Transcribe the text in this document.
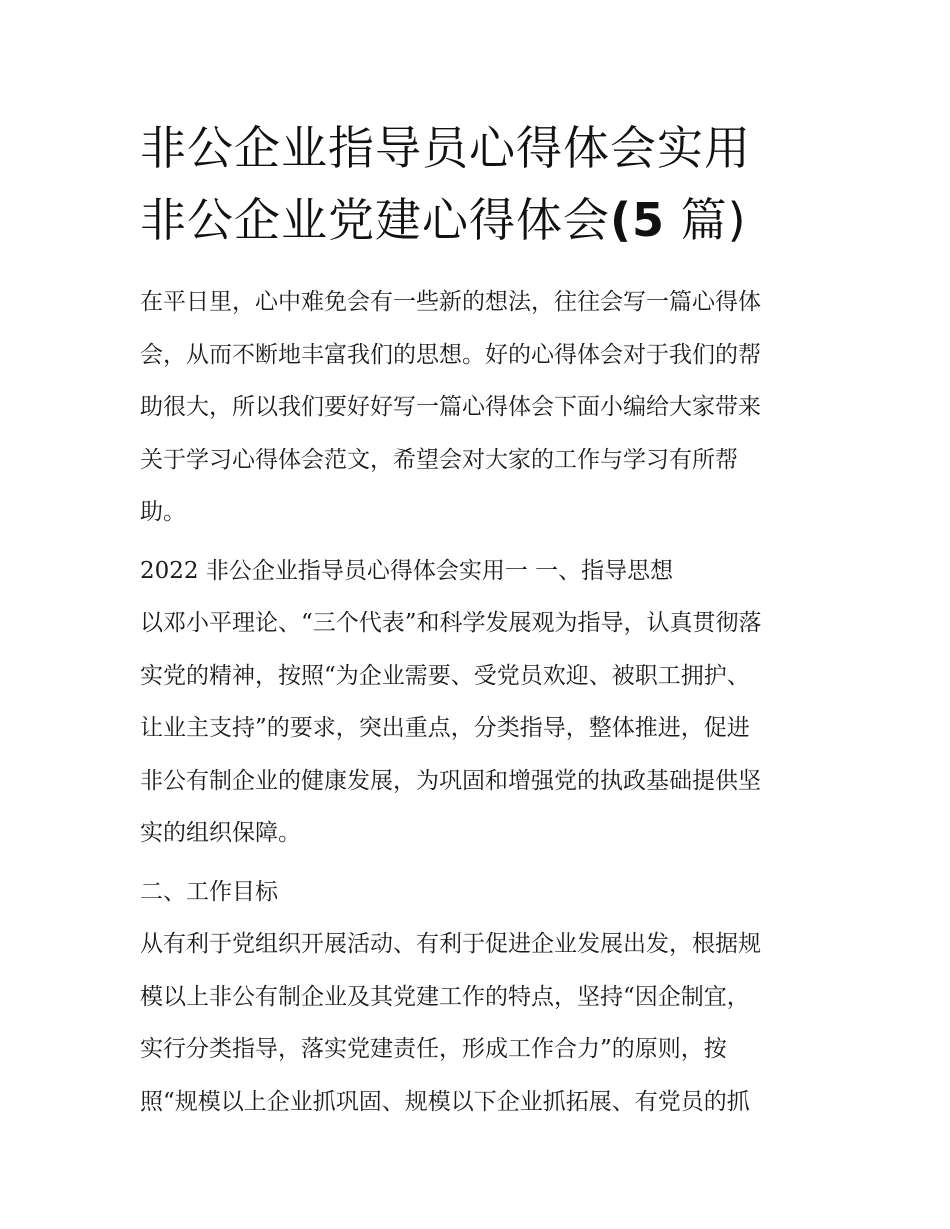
非公企业指导员心得体会实用
非公企业党建心得体会(5 篇)

在平日里，心中难免会有一些新的想法，往往会写一篇心得体
会，从而不断地丰富我们的思想。好的心得体会对于我们的帮
助很大，所以我们要好好写一篇心得体会下面小编给大家带来
关于学习心得体会范文，希望会对大家的工作与学习有所帮
助。

2022 非公企业指导员心得体会实用一 一、指导思想

以邓小平理论、“三个代表”和科学发展观为指导，认真贯彻落
实党的精神，按照“为企业需要、受党员欢迎、被职工拥护、
让业主支持”的要求，突出重点，分类指导，整体推进，促进
非公有制企业的健康发展，为巩固和增强党的执政基础提供坚
实的组织保障。

二、工作目标

从有利于党组织开展活动、有利于促进企业发展出发，根据规
模以上非公有制企业及其党建工作的特点，坚持“因企制宜，
实行分类指导，落实党建责任，形成工作合力”的原则，按
照“规模以上企业抓巩固、规模以下企业抓拓展、有党员的抓
